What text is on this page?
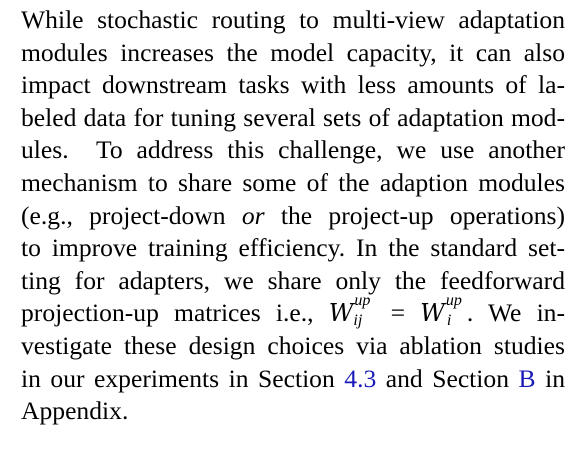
While stochastic routing to multi-view adaptation
modules increases the model capacity, it can also
impact downstream tasks with less amounts of la-
beled data for tuning several sets of adaptation mod-
ules.  To address this challenge, we use another
mechanism to share some of the adaption modules
(e.g., project-down or the project-up operations)
to improve training efficiency. In the standard set-
ting for adapters, we share only the feedforward
projection-up matrices i.e., W up
ij = W up
i . We in-
vestigate these design choices via ablation studies
in our experiments in Section 4.3 and Section B in
Appendix.
